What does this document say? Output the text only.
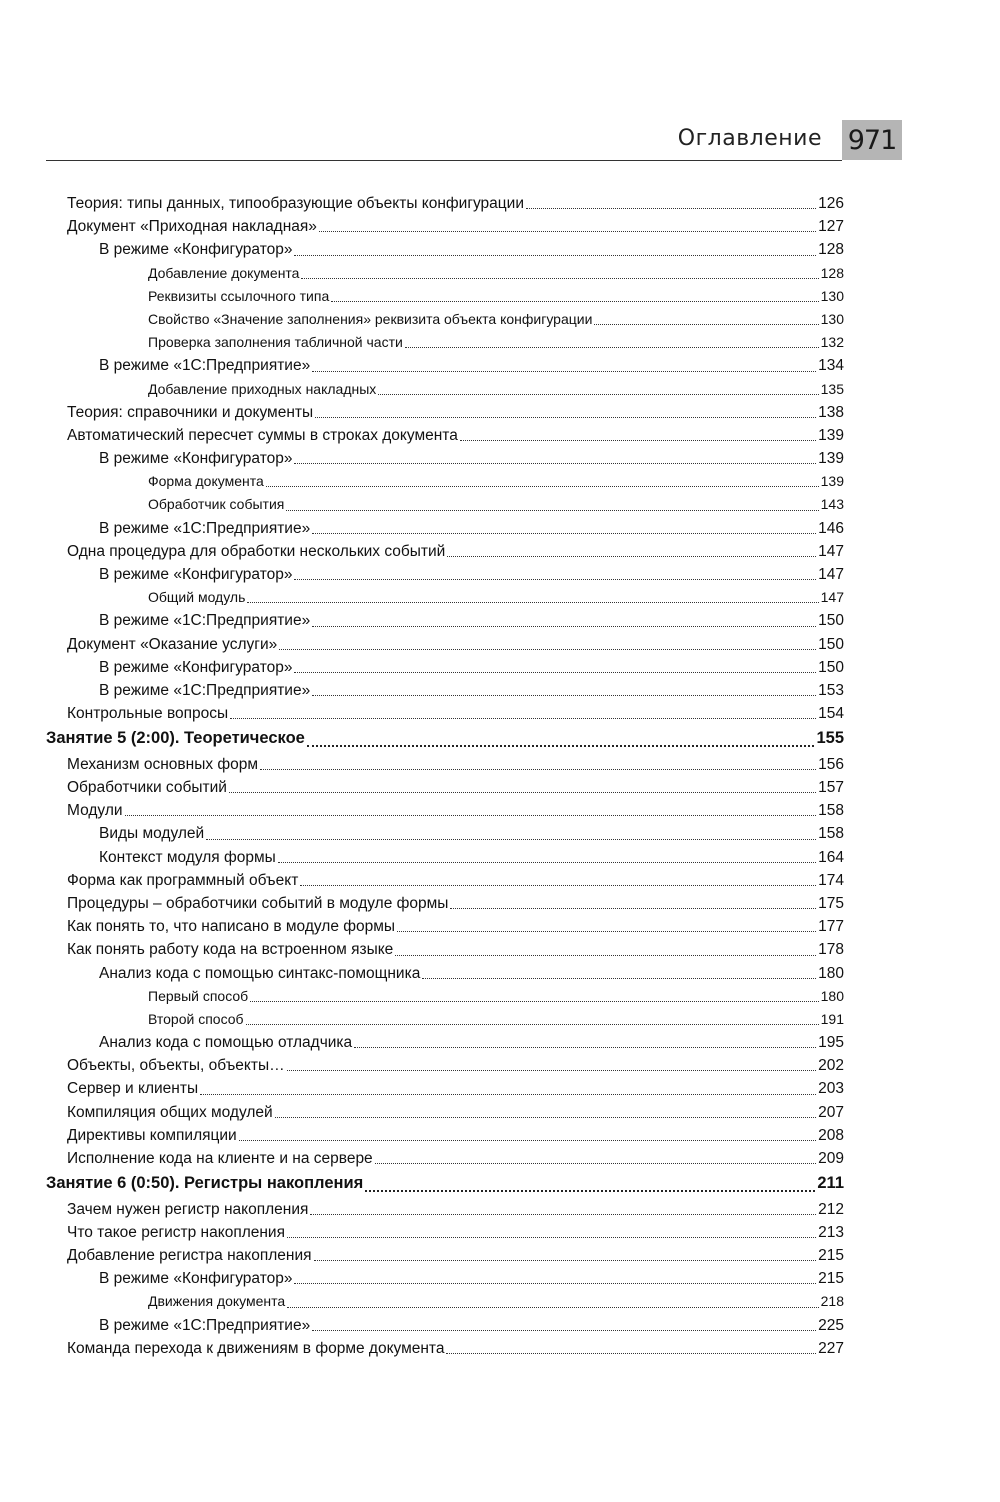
Оглавление 971
Теория: типы данных, типообразующие объекты конфигурации	126
Документ «Приходная накладная»	127
В режиме «Конфигуратор»	128
Добавление документа	128
Реквизиты ссылочного типа	130
Свойство «Значение заполнения» реквизита объекта конфигурации	130
Проверка заполнения табличной части	132
В режиме «1С:Предприятие»	134
Добавление приходных накладных	135
Теория: справочники и документы	138
Автоматический пересчет суммы в строках документа	139
В режиме «Конфигуратор»	139
Форма документа	139
Обработчик события	143
В режиме «1С:Предприятие»	146
Одна процедура для обработки нескольких событий	147
В режиме «Конфигуратор»	147
Общий модуль	147
В режиме «1С:Предприятие»	150
Документ «Оказание услуги»	150
В режиме «Конфигуратор»	150
В режиме «1С:Предприятие»	153
Контрольные вопросы	154
Занятие 5 (2:00). Теоретическое	155
Механизм основных форм	156
Обработчики событий	157
Модули	158
Виды модулей	158
Контекст модуля формы	164
Форма как программный объект	174
Процедуры – обработчики событий в модуле формы	175
Как понять то, что написано в модуле формы	177
Как понять работу кода на встроенном языке	178
Анализ кода с помощью синтакс-помощника	180
Первый способ	180
Второй способ	191
Анализ кода с помощью отладчика	195
Объекты, объекты, объекты…	202
Сервер и клиенты	203
Компиляция общих модулей	207
Директивы компиляции	208
Исполнение кода на клиенте и на сервере	209
Занятие 6 (0:50). Регистры накопления	211
Зачем нужен регистр накопления	212
Что такое регистр накопления	213
Добавление регистра накопления	215
В режиме «Конфигуратор»	215
Движения документа	218
В режиме «1С:Предприятие»	225
Команда перехода к движениям в форме документа	227
